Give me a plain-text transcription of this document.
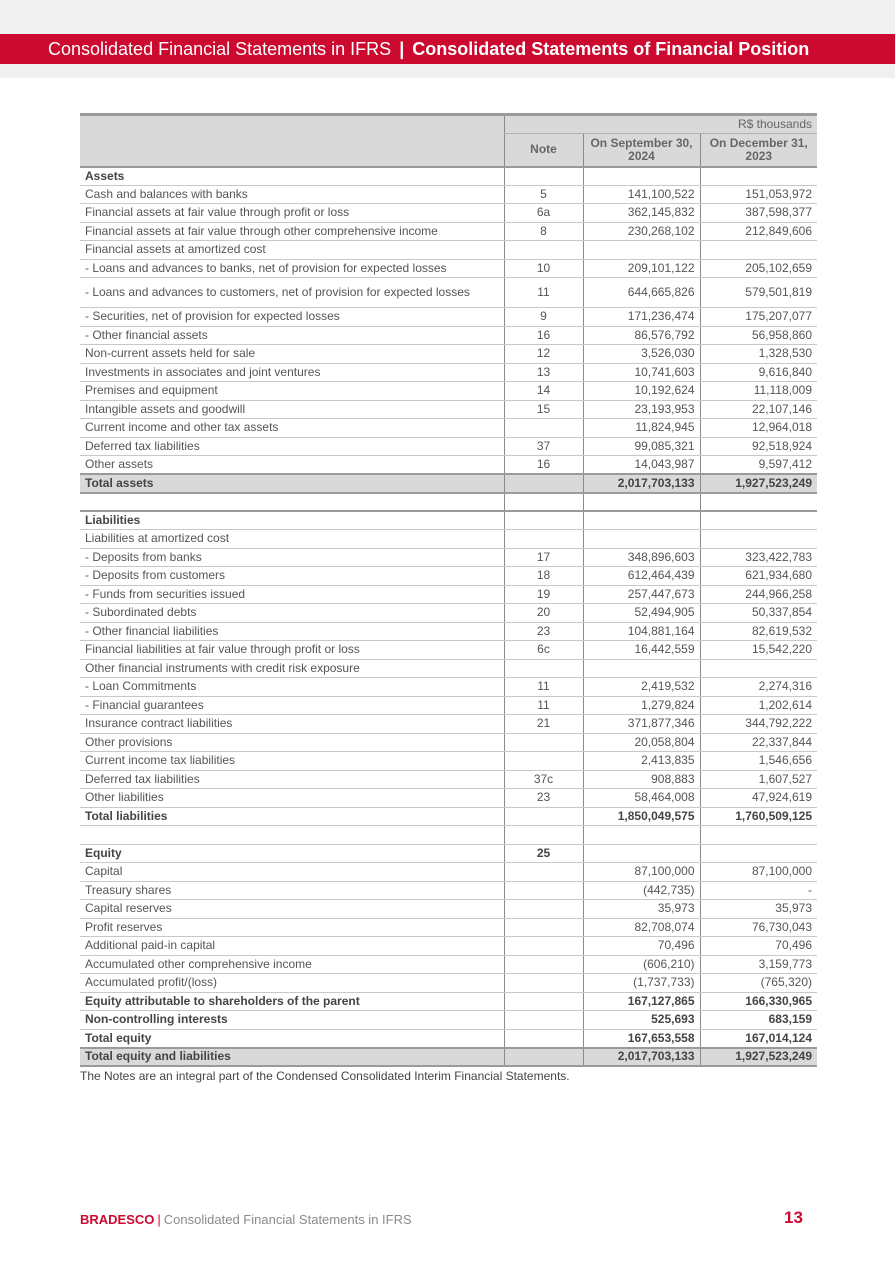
Consolidated Financial Statements in IFRS | Consolidated Statements of Financial Position
	R$ thousands		
	Note	On September 30, 2024	On December 31, 2023
Assets			
Cash and balances with banks	5	141,100,522	151,053,972
Financial assets at fair value through profit or loss	6a	362,145,832	387,598,377
Financial assets at fair value through other comprehensive income	8	230,268,102	212,849,606
Financial assets at amortized cost			
- Loans and advances to banks, net of provision for expected losses	10	209,101,122	205,102,659
- Loans and advances to customers, net of provision for expected losses	11	644,665,826	579,501,819
- Securities, net of provision for expected losses	9	171,236,474	175,207,077
- Other financial assets	16	86,576,792	56,958,860
Non-current assets held for sale	12	3,526,030	1,328,530
Investments in associates and joint ventures	13	10,741,603	9,616,840
Premises and equipment	14	10,192,624	11,118,009
Intangible assets and goodwill	15	23,193,953	22,107,146
Current income and other tax assets		11,824,945	12,964,018
Deferred tax liabilities	37	99,085,321	92,518,924
Other assets	16	14,043,987	9,597,412
Total assets		2,017,703,133	1,927,523,249

Liabilities			
Liabilities at amortized cost			
- Deposits from banks	17	348,896,603	323,422,783
- Deposits from customers	18	612,464,439	621,934,680
- Funds from securities issued	19	257,447,673	244,966,258
- Subordinated debts	20	52,494,905	50,337,854
- Other financial liabilities	23	104,881,164	82,619,532
Financial liabilities at fair value through profit or loss	6c	16,442,559	15,542,220
Other financial instruments with credit risk exposure			
- Loan Commitments	11	2,419,532	2,274,316
- Financial guarantees	11	1,279,824	1,202,614
Insurance contract liabilities	21	371,877,346	344,792,222
Other provisions		20,058,804	22,337,844
Current income tax liabilities		2,413,835	1,546,656
Deferred tax liabilities	37c	908,883	1,607,527
Other liabilities	23	58,464,008	47,924,619
Total liabilities		1,850,049,575	1,760,509,125

Equity	25		
Capital		87,100,000	87,100,000
Treasury shares		(442,735)	-
Capital reserves		35,973	35,973
Profit reserves		82,708,074	76,730,043
Additional paid-in capital		70,496	70,496
Accumulated other comprehensive income		(606,210)	3,159,773
Accumulated profit/(loss)		(1,737,733)	(765,320)
Equity attributable to shareholders of the parent		167,127,865	166,330,965
Non-controlling interests		525,693	683,159
Total equity		167,653,558	167,014,124
Total equity and liabilities		2,017,703,133	1,927,523,249
The Notes are an integral part of the Condensed Consolidated Interim Financial Statements.
BRADESCO | Consolidated Financial Statements in IFRS	13
